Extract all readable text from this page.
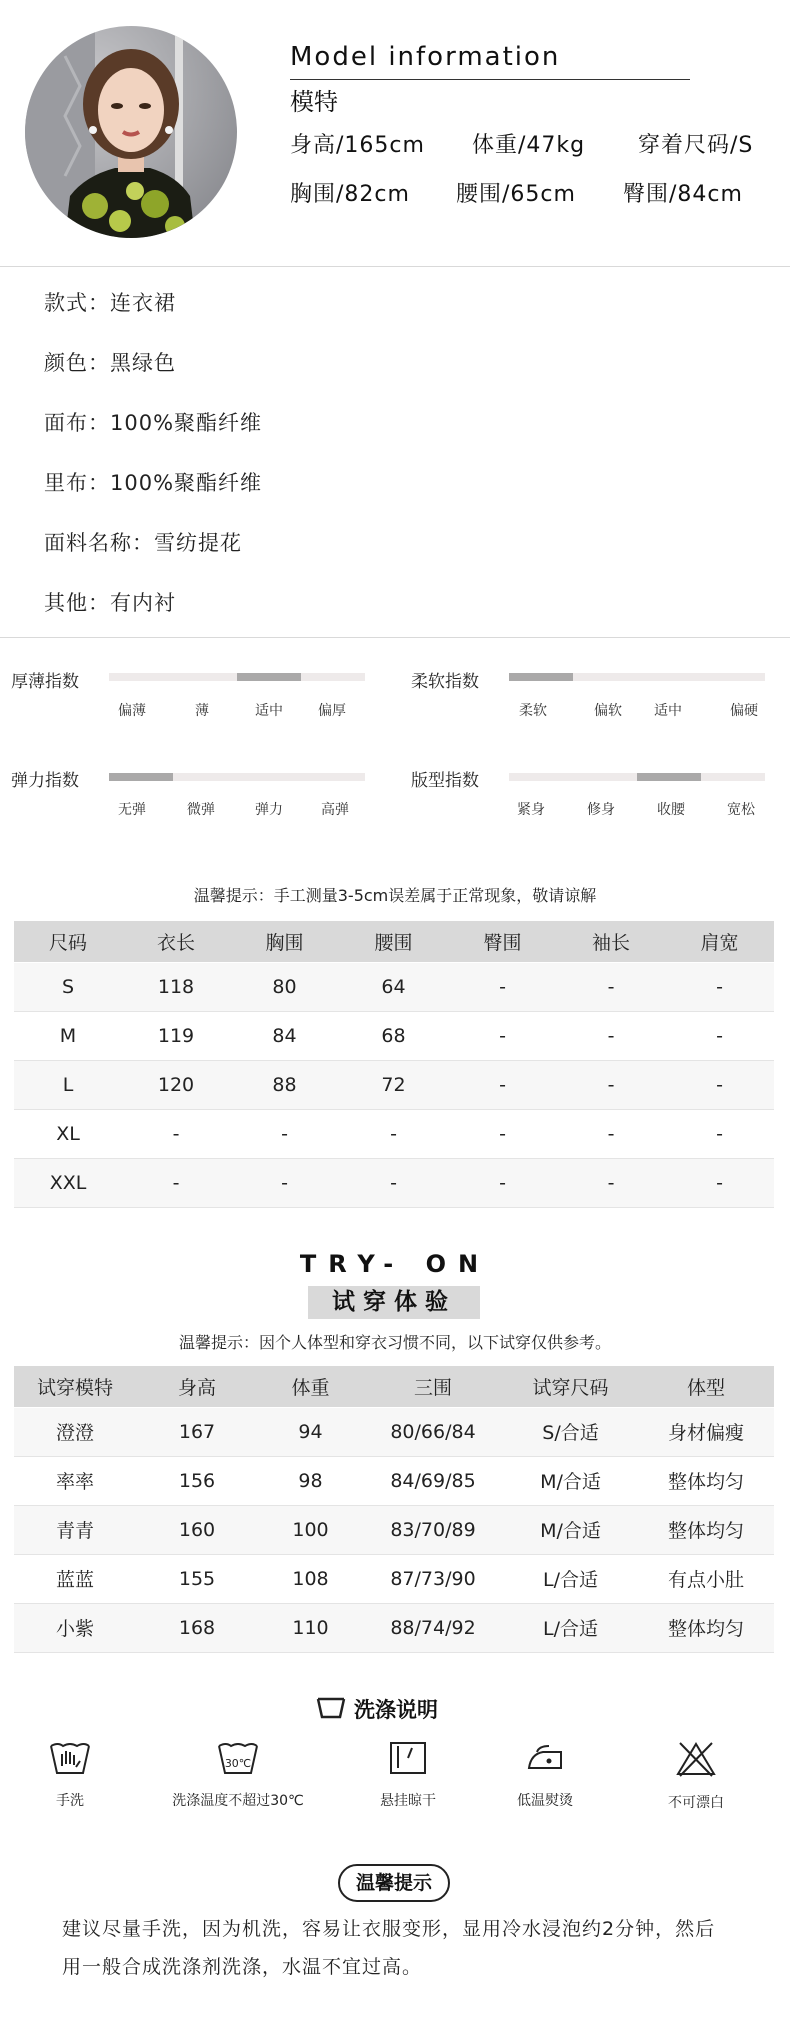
Model information
模特
身高/165cm 体重/47kg 穿着尺码/S
胸围/82cm 腰围/65cm 臀围/84cm
款式：连衣裙
颜色：黑绿色
面布：100%聚酯纤维
里布：100%聚酯纤维
面料名称：雪纺提花
其他：有内衬
厚薄指数
偏薄	薄	适中	偏厚
柔软指数
柔软	偏软 适中	偏硬
弹力指数
无弹	微弹	弹力	高弹
版型指数
紧身	修身	收腰	宽松
温馨提示：手工测量3-5cm误差属于正常现象，敬请谅解
尺码	衣长	胸围	腰围	臀围	袖长	肩宽
S	118	80	64	-	-	-
M	119	84	68	-	-	-
L	120	88	72	-	-	-
XL	-	-	-	-	-	-
XXL	-	-	-	-	-	-
TRY- ON
试穿体验
温馨提示：因个人体型和穿衣习惯不同，以下试穿仅供参考。
试穿模特	身高	体重	三围	试穿尺码	体型
澄澄	167	94	80/66/84	S/合适	身材偏瘦
率率	156	98	84/69/85	M/合适	整体均匀
青青	160	100	83/70/89	M/合适	整体均匀
蓝蓝	155	108	87/73/90	L/合适	有点小肚
小紫	168	110	88/74/92	L/合适	整体均匀
洗涤说明
手洗
30℃
洗涤温度不超过30℃	悬挂晾干	低温熨烫	不可漂白
温馨提示
建议尽量手洗，因为机洗，容易让衣服变形，显用冷水浸泡约2分钟，然后
用一般合成洗涤剂洗涤，水温不宜过高。
